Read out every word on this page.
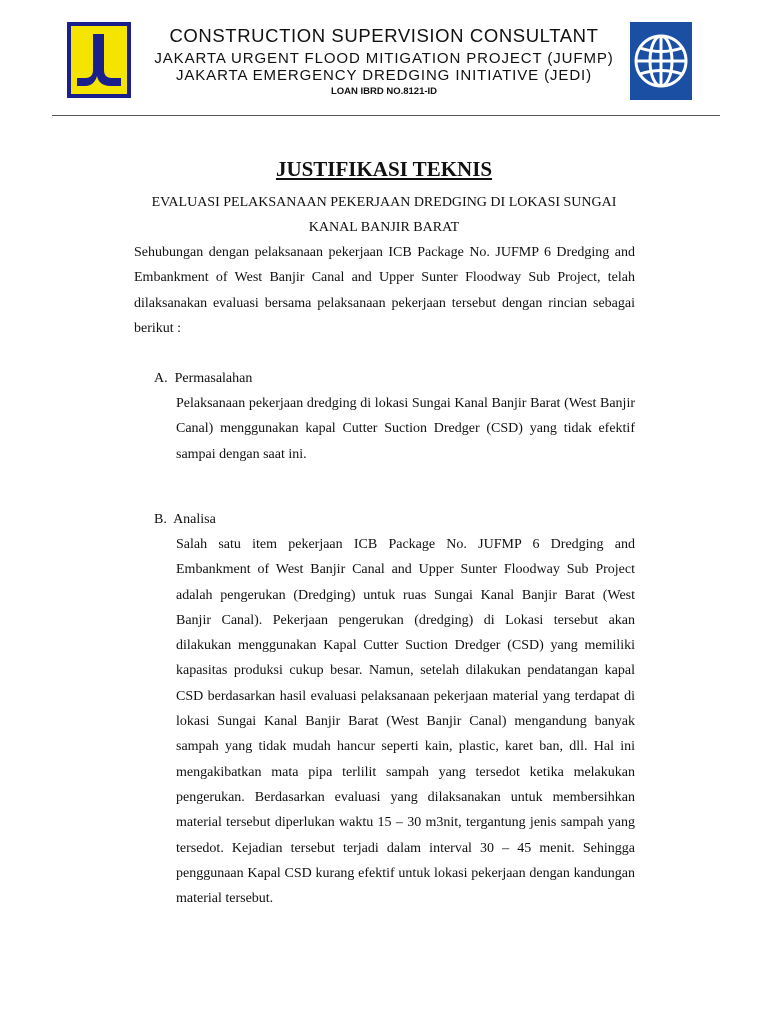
CONSTRUCTION SUPERVISION CONSULTANT
JAKARTA URGENT FLOOD MITIGATION PROJECT (JUFMP)
JAKARTA EMERGENCY DREDGING INITIATIVE (JEDI)
LOAN IBRD NO.8121-ID
JUSTIFIKASI TEKNIS
EVALUASI PELAKSANAAN PEKERJAAN DREDGING DI LOKASI SUNGAI KANAL BANJIR BARAT
Sehubungan dengan pelaksanaan pekerjaan ICB Package No. JUFMP 6 Dredging and Embankment of West Banjir Canal and Upper Sunter Floodway Sub Project, telah dilaksanakan evaluasi bersama pelaksanaan pekerjaan tersebut dengan rincian sebagai berikut :
A.  Permasalahan
Pelaksanaan pekerjaan dredging di lokasi Sungai Kanal Banjir Barat (West Banjir Canal) menggunakan kapal Cutter Suction Dredger (CSD) yang tidak efektif sampai dengan saat ini.
B.  Analisa
Salah satu item pekerjaan ICB Package No. JUFMP 6 Dredging and Embankment of West Banjir Canal and Upper Sunter Floodway Sub Project adalah pengerukan (Dredging) untuk ruas Sungai Kanal Banjir Barat (West Banjir Canal). Pekerjaan pengerukan (dredging) di Lokasi tersebut akan dilakukan menggunakan Kapal Cutter Suction Dredger (CSD) yang memiliki kapasitas produksi cukup besar. Namun, setelah dilakukan pendatangan kapal CSD berdasarkan hasil evaluasi pelaksanaan pekerjaan material yang terdapat di lokasi Sungai Kanal Banjir Barat (West Banjir Canal) mengandung banyak sampah yang tidak mudah hancur seperti kain, plastic, karet ban, dll. Hal ini mengakibatkan mata pipa terlilit sampah yang tersedot ketika melakukan pengerukan. Berdasarkan evaluasi yang dilaksanakan untuk membersihkan material tersebut diperlukan waktu 15 – 30 m3nit, tergantung jenis sampah yang tersedot. Kejadian tersebut terjadi dalam interval 30 – 45 menit. Sehingga penggunaan Kapal CSD kurang efektif untuk lokasi pekerjaan dengan kandungan material tersebut.
